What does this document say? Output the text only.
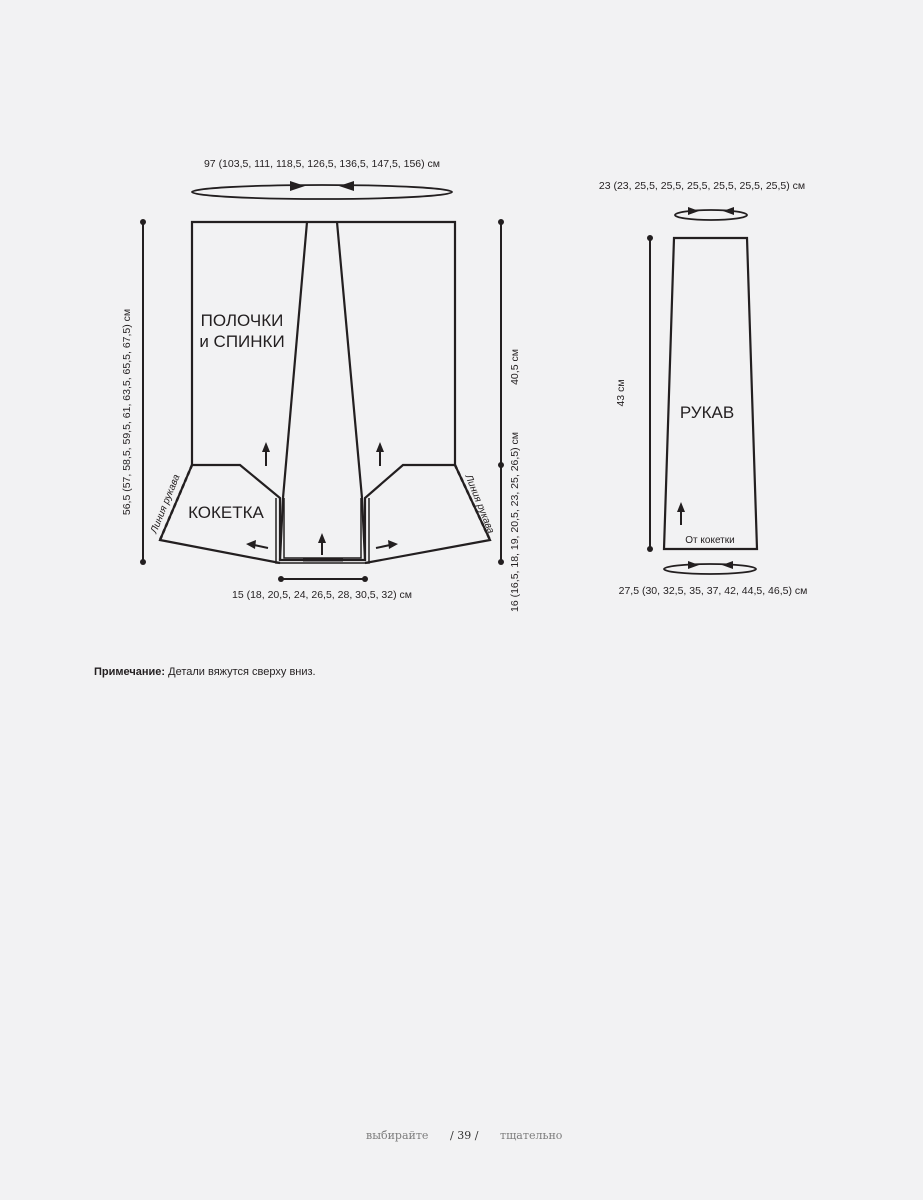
97 (103,5, 111, 118,5, 126,5, 136,5, 147,5, 156) см
56,5 (57, 58,5, 59,5, 61, 63,5, 65,5, 67,5) см	40,5 см
16 (16,5, 18, 19, 20,5, 23, 25, 26,5) см
15 (18, 20,5, 24, 26,5, 28, 30,5, 32) см
ПОЛОЧКИ
и СПИНКИ
КОКЕТКА
Линия рукава	Линия рукава
23 (23, 25,5, 25,5, 25,5, 25,5, 25,5, 25,5) см
43 см
27,5 (30, 32,5, 35, 37, 42, 44,5, 46,5) см
РУКАВ
От кокетки
Примечание: Детали вяжутся сверху вниз.
выбирайте / 39 / тщательно
